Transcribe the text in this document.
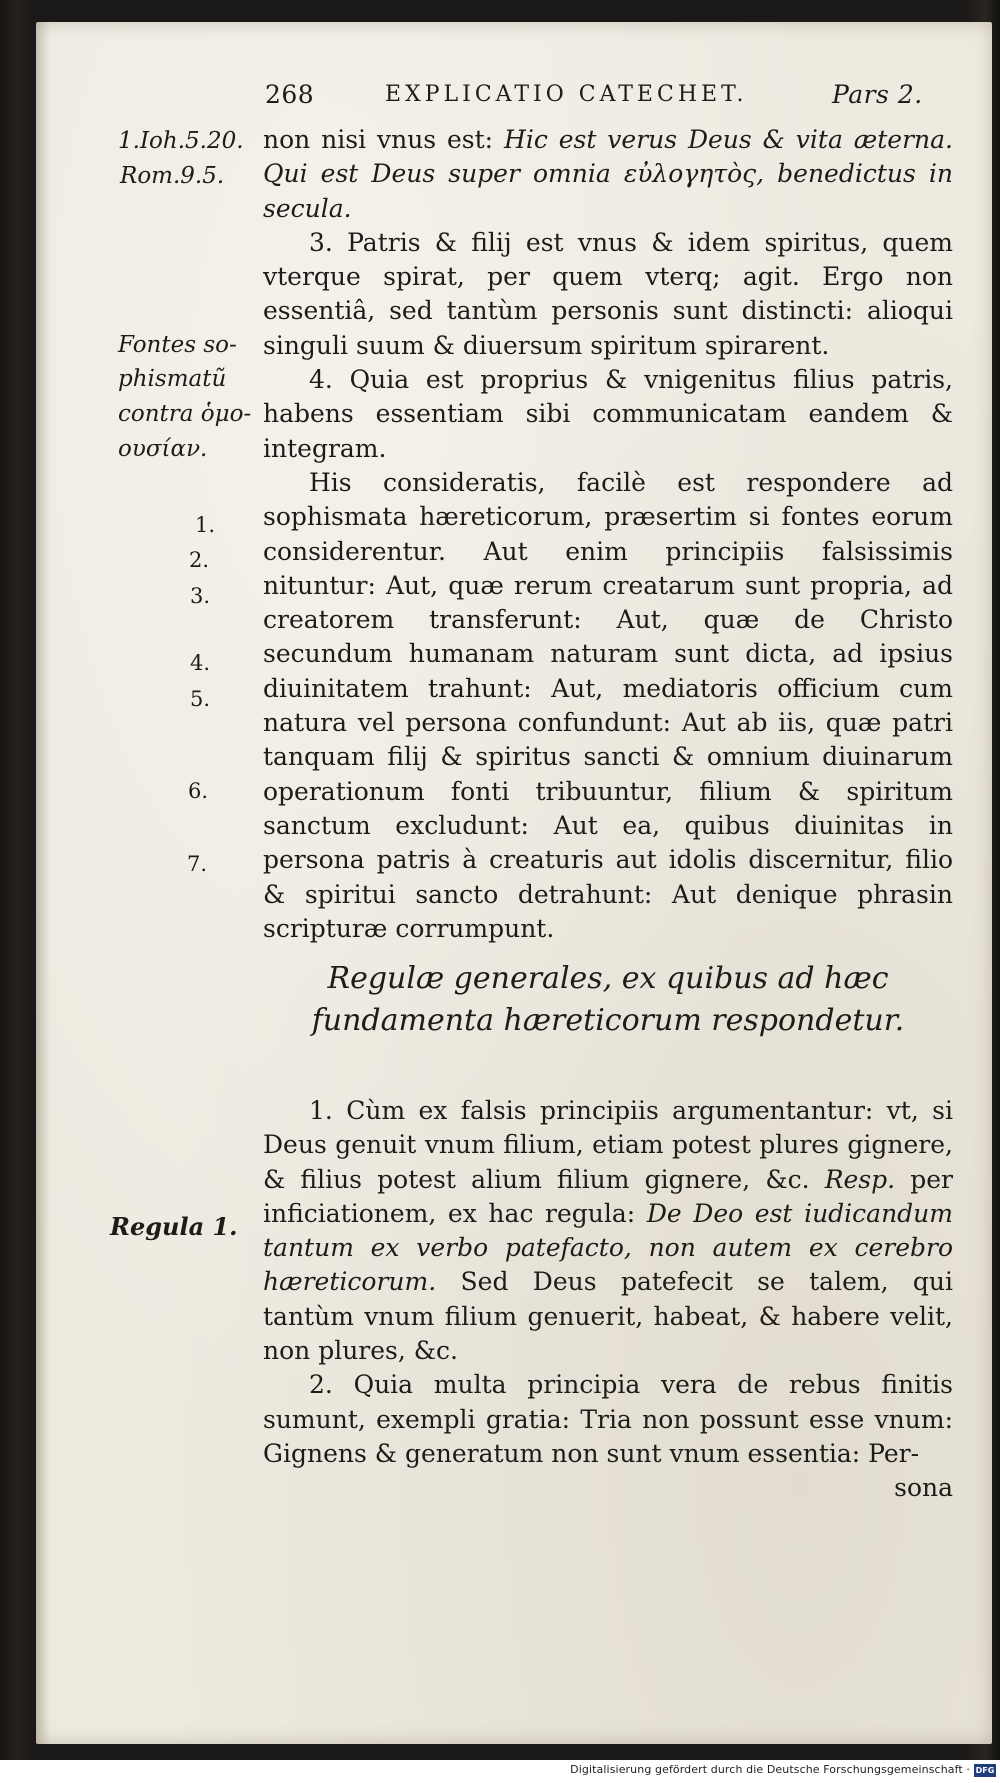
268	EXPLICATIO CATECHET.	Pars 2.
1.Ioh.5.20.
Rom.9.5.
Fontes so-
phismatũ
contra ὁμο-
ουσίαν.
1.
2.
3.
4.
5.
6.
7.
Regula 1.

non nisi vnus est: Hic est verus Deus & vita æterna. Qui est Deus super omnia εὐλογητὸς, benedictus in secula.

3. Patris & filij est vnus & idem spiritus, quem vterque spirat, per quem vterq; agit. Ergo non essentiâ, sed tantùm personis sunt distincti: alioqui singuli suum & diuersum spiritum spirarent.

4. Quia est proprius & vnigenitus filius patris, habens essentiam sibi communicatam eandem & integram.

His consideratis, facilè est respondere ad sophismata hæreticorum, præsertim si fontes eorum considerentur. Aut enim principiis falsissimis nituntur: Aut, quæ rerum creatarum sunt propria, ad creatorem transferunt: Aut, quæ de Christo secundum humanam naturam sunt dicta, ad ipsius diuinitatem trahunt: Aut, mediatoris officium cum natura vel persona confundunt: Aut ab iis, quæ patri tanquam filij & spiritus sancti & omnium diuinarum operationum fonti tribuuntur, filium & spiritum sanctum excludunt: Aut ea, quibus diuinitas in persona patris à creaturis aut idolis discernitur, filio & spiritui sancto detrahunt: Aut denique phrasin scripturæ corrumpunt.

Regulæ generales, ex quibus ad hæc fundamenta hæreticorum respondetur.

1. Cùm ex falsis principiis argumentantur: vt, si Deus genuit vnum filium, etiam potest plures gignere, & filius potest alium filium gignere, &c. Resp. per inficiationem, ex hac regula: De Deo est iudicandum tantum ex verbo patefacto, non autem ex cerebro hæreticorum. Sed Deus patefecit se talem, qui tantùm vnum filium genuerit, habeat, & habere velit, non plures, &c.

2. Quia multa principia vera de rebus finitis sumunt, exempli gratia: Tria non possunt esse vnum: Gignens & generatum non sunt vnum essentia: Per-

sona

Digitalisierung gefördert durch die Deutsche Forschungsgemeinschaft · DFG
